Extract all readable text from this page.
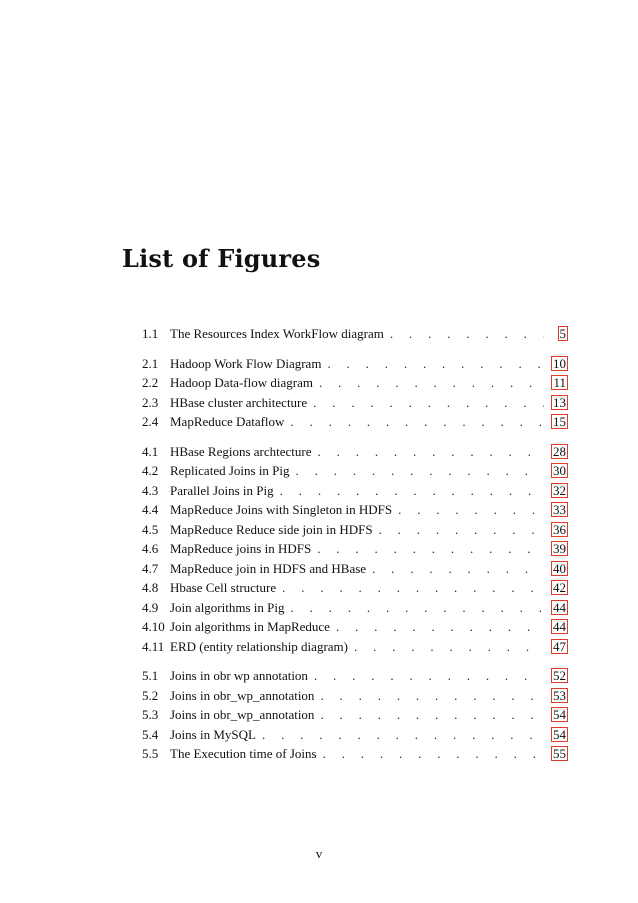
List of Figures
1.1 The Resources Index WorkFlow diagram . . .	5
2.1 Hadoop Work Flow Diagram . . .	10
2.2 Hadoop Data-flow diagram . . .	11
2.3 HBase cluster architecture . . .	13
2.4 MapReduce Dataflow . . .	15
4.1 HBase Regions archtecture . . .	28
4.2 Replicated Joins in Pig . . .	30
4.3 Parallel Joins in Pig . . .	32
4.4 MapReduce Joins with Singleton in HDFS . . .	33
4.5 MapReduce Reduce side join in HDFS . . .	36
4.6 MapReduce joins in HDFS . . .	39
4.7 MapReduce join in HDFS and HBase . . .	40
4.8 Hbase Cell structure . . .	42
4.9 Join algorithms in Pig . . .	44
4.10 Join algorithms in MapReduce . . .	44
4.11 ERD (entity relationship diagram) . . .	47
5.1 Joins in obr wp annotation . . .	52
5.2 Joins in obr_wp_annotation . . .	53
5.3 Joins in obr_wp_annotation . . .	54
5.4 Joins in MySQL . . .	54
5.5 The Execution time of Joins . . .	55
v
